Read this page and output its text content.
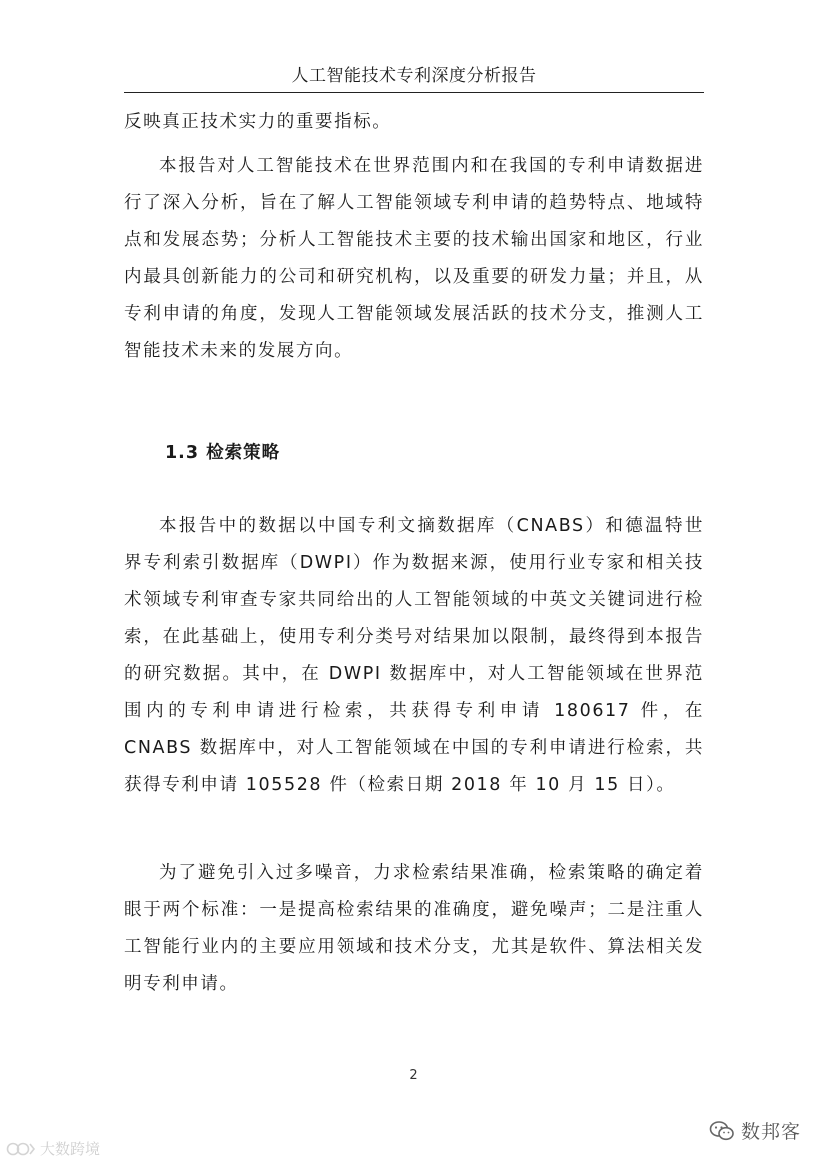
人工智能技术专利深度分析报告

反映真正技术实力的重要指标。

本报告对人工智能技术在世界范围内和在我国的专利申请数据进行了深入分析，旨在了解人工智能领域专利申请的趋势特点、地域特点和发展态势；分析人工智能技术主要的技术输出国家和地区，行业内最具创新能力的公司和研究机构，以及重要的研发力量；并且，从专利申请的角度，发现人工智能领域发展活跃的技术分支，推测人工智能技术未来的发展方向。

1.3 检索策略

本报告中的数据以中国专利文摘数据库（CNABS）和德温特世界专利索引数据库（DWPI）作为数据来源，使用行业专家和相关技术领域专利审查专家共同给出的人工智能领域的中英文关键词进行检索，在此基础上，使用专利分类号对结果加以限制，最终得到本报告的研究数据。其中，在 DWPI 数据库中，对人工智能领域在世界范围内的专利申请进行检索，共获得专利申请 180617 件，在 CNABS 数据库中，对人工智能领域在中国的专利申请进行检索，共获得专利申请 105528 件（检索日期 2018 年 10 月 15 日）。

为了避免引入过多噪音，力求检索结果准确，检索策略的确定着眼于两个标准：一是提高检索结果的准确度，避免噪声；二是注重人工智能行业内的主要应用领域和技术分支，尤其是软件、算法相关发明专利申请。

2
数邦客
大数跨境
